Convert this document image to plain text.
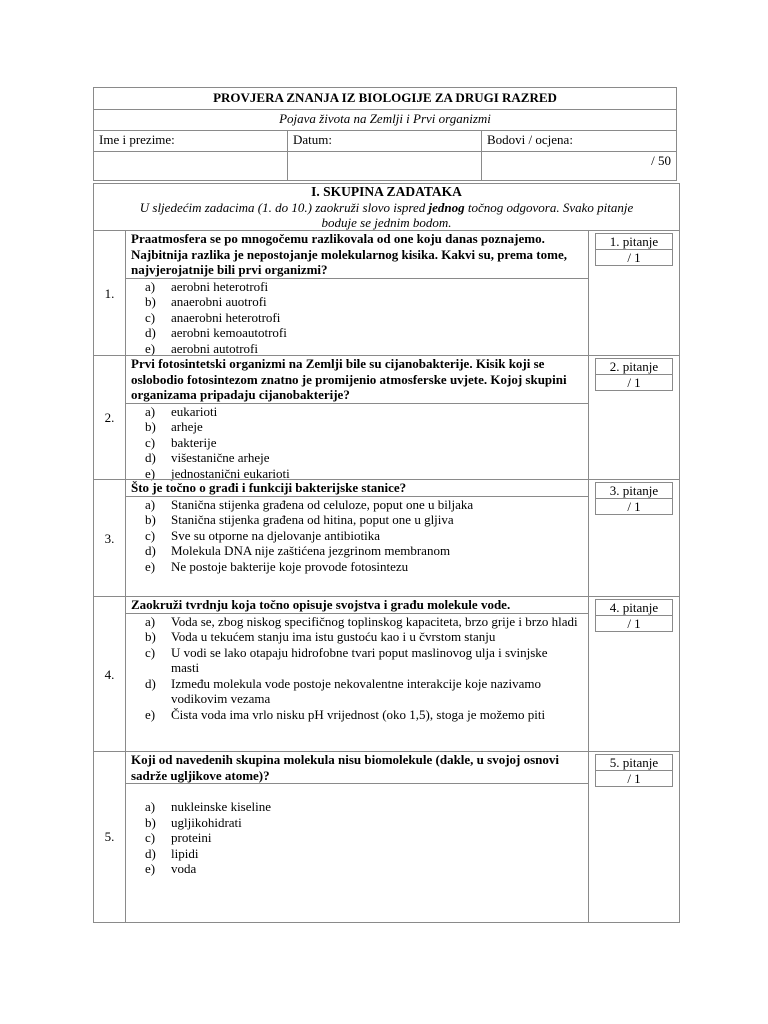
PROVJERA ZNANJA IZ BIOLOGIJE ZA DRUGI RAZRED		
Pojava života na Zemlji i Prvi organizmi		
Ime i prezime:	Datum:	Bodovi / ocjena:
		/ 50
I. SKUPINA ZADATAKA
U sljedećim zadacima (1. do 10.) zaokruži slovo ispred jednog točnog odgovora. Svako pitanje
boduje se jednim bodom.
1.
Praatmosfera se po mnogočemu razlikovala od one koju danas poznajemo. Najbitnija razlika je nepostojanje molekularnog kisika. Kakvi su, prema tome, najvjerojatnije bili prvi organizmi?
a)	aerobni heterotrofi
b)	anaerobni auotrofi
c)	anaerobni heterotrofi
d)	aerobni kemoautotrofi
e)	aerobni autotrofi
1. pitanje
/ 1
2.
Prvi fotosintetski organizmi na Zemlji bile su cijanobakterije. Kisik koji se oslobodio fotosintezom znatno je promijenio atmosferske uvjete. Kojoj skupini organizama pripadaju cijanobakterije?
a)	eukarioti
b)	arheje
c)	bakterije
d)	višestanične arheje
e)	jednostanični eukarioti
2. pitanje
/ 1
3.
Što je točno o građi i funkciji bakterijske stanice?
a)	Stanična stijenka građena od celuloze, poput one u biljaka
b)	Stanična stijenka građena od hitina, poput one u gljiva
c)	Sve su otporne na djelovanje antibiotika
d)	Molekula DNA nije zaštićena jezgrinom membranom
e)	Ne postoje bakterije koje provode fotosintezu
3. pitanje
/ 1
4.
Zaokruži tvrdnju koja točno opisuje svojstva i građu molekule vode.
a)	Voda se, zbog niskog specifičnog toplinskog kapaciteta, brzo grije i brzo hladi
b)	Voda u tekućem stanju ima istu gustoću kao i u čvrstom stanju
c)	U vodi se lako otapaju hidrofobne tvari poput maslinovog ulja i svinjske masti
d)	Između molekula vode postoje nekovalentne interakcije koje nazivamo vodikovim vezama
e)	Čista voda ima vrlo nisku pH vrijednost (oko 1,5), stoga je možemo piti
4. pitanje
/ 1
5.
Koji od navedenih skupina molekula nisu biomolekule (dakle, u svojoj osnovi sadrže ugljikove atome)?
a)	nukleinske kiseline
b)	ugljikohidrati
c)	proteini
d)	lipidi
e)	voda
5. pitanje
/ 1
